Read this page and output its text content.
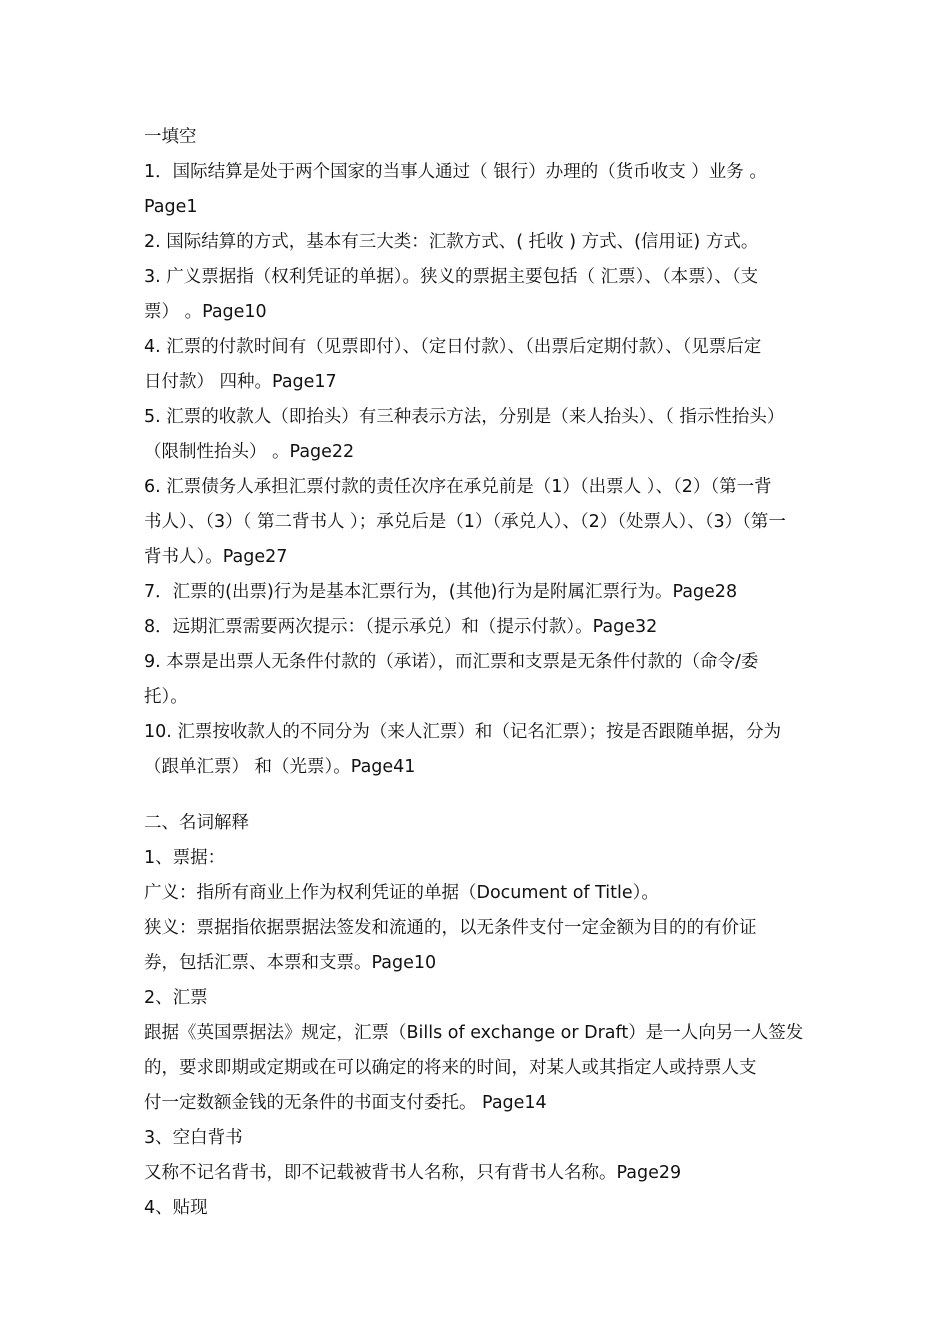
一填空
1．国际结算是处于两个国家的当事人通过（ 银行）办理的（货币收支 ）业务 。
Page1
2. 国际结算的方式，基本有三大类：汇款方式、( 托收 ) 方式、(信用证) 方式。
3. 广义票据指（权利凭证的单据）。狭义的票据主要包括（ 汇票）、（本票）、（支
票） 。Page10
4. 汇票的付款时间有（见票即付）、（定日付款）、（出票后定期付款）、（见票后定
日付款） 四种。Page17
5. 汇票的收款人（即抬头）有三种表示方法，分别是（来人抬头）、（ 指示性抬头）
（限制性抬头） 。Page22
6. 汇票债务人承担汇票付款的责任次序在承兑前是（1）（出票人 ）、（2）（第一背
书人）、（3）（ 第二背书人 ）；承兑后是（1）（承兑人）、（2）（处票人）、（3）（第一
背书人）。Page27
7．汇票的(出票)行为是基本汇票行为，(其他)行为是附属汇票行为。Page28
8．远期汇票需要两次提示：（提示承兑）和（提示付款）。Page32
9. 本票是出票人无条件付款的（承诺），而汇票和支票是无条件付款的（命令/委
托）。
10. 汇票按收款人的不同分为（来人汇票）和（记名汇票）；按是否跟随单据，分为
（跟单汇票） 和（光票）。Page41
二、名词解释
1、票据：
广义：指所有商业上作为权利凭证的单据（Document of Title）。
狭义：票据指依据票据法签发和流通的，以无条件支付一定金额为目的的有价证
券，包括汇票、本票和支票。Page10
2、汇票
跟据《英国票据法》规定，汇票（Bills of exchange or Draft）是一人向另一人签发
的，要求即期或定期或在可以确定的将来的时间，对某人或其指定人或持票人支
付一定数额金钱的无条件的书面支付委托。 Page14
3、空白背书
又称不记名背书，即不记载被背书人名称，只有背书人名称。Page29
4、贴现
